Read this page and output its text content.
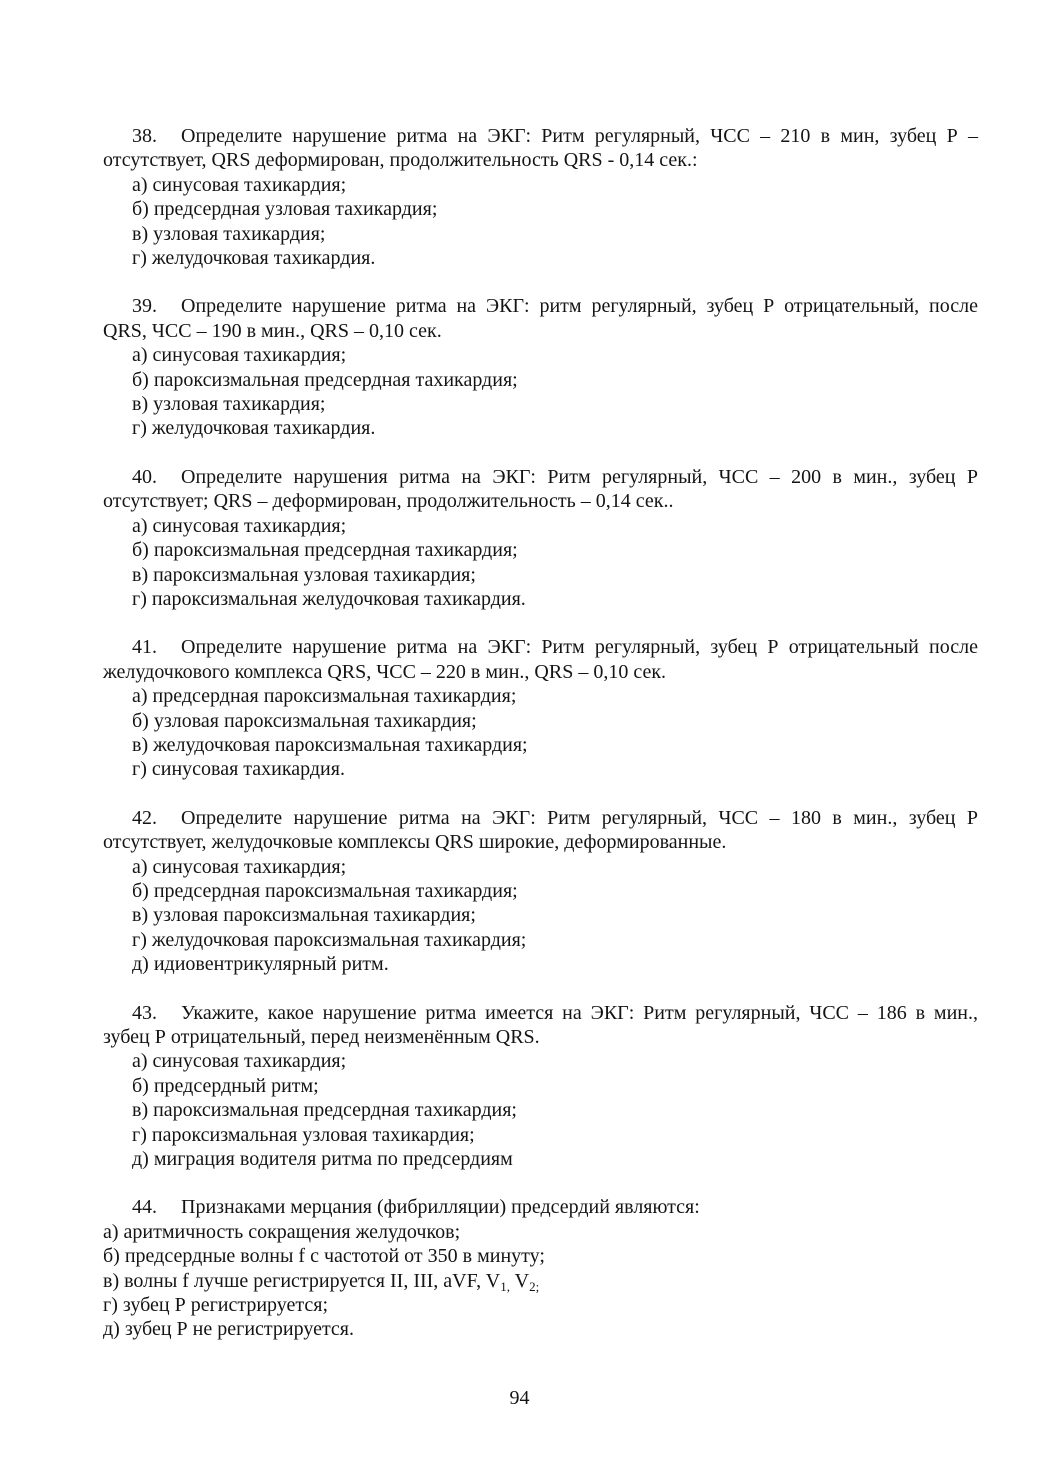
38. Определите нарушение ритма на ЭКГ: Ритм регулярный, ЧСС – 210 в мин, зубец Р – отсутствует, QRS деформирован, продолжительность QRS - 0,14 сек.:

а) синусовая тахикардия;

б) предсердная узловая тахикардия;

в) узловая тахикардия;

г) желудочковая тахикардия.

39. Определите нарушение ритма на ЭКГ: ритм регулярный, зубец Р отрицательный, после QRS, ЧСС – 190 в мин., QRS – 0,10 сек.

а) синусовая тахикардия;

б) пароксизмальная предсердная тахикардия;

в) узловая тахикардия;

г) желудочковая тахикардия.

40. Определите нарушения ритма на ЭКГ: Ритм регулярный, ЧСС – 200 в мин., зубец Р отсутствует; QRS – деформирован, продолжительность – 0,14 сек..

а) синусовая тахикардия;

б) пароксизмальная предсердная тахикардия;

в) пароксизмальная узловая тахикардия;

г) пароксизмальная желудочковая тахикардия.

41. Определите нарушение ритма на ЭКГ: Ритм регулярный, зубец Р отрицательный после желудочкового комплекса QRS, ЧСС – 220 в мин., QRS – 0,10 сек.

а) предсердная пароксизмальная тахикардия;

б) узловая пароксизмальная тахикардия;

в) желудочковая пароксизмальная тахикардия;

г) синусовая тахикардия.

42. Определите нарушение ритма на ЭКГ: Ритм регулярный, ЧСС – 180 в мин., зубец Р отсутствует, желудочковые комплексы QRS широкие, деформированные.

а) синусовая тахикардия;

б) предсердная пароксизмальная тахикардия;

в) узловая пароксизмальная тахикардия;

г) желудочковая пароксизмальная тахикардия;

д) идиовентрикулярный ритм.

43. Укажите, какое нарушение ритма имеется на ЭКГ: Ритм регулярный, ЧСС – 186 в мин., зубец Р отрицательный, перед неизменённым QRS.

а) синусовая тахикардия;

б) предсердный ритм;

в) пароксизмальная предсердная тахикардия;

г) пароксизмальная узловая тахикардия;

д) миграция водителя ритма по предсердиям

44. Признаками мерцания (фибрилляции) предсердий являются:

а) аритмичность сокращения желудочков;

б) предсердные волны f с частотой от 350 в минуту;

в) волны f лучше регистрируется II, III, aVF, $V_{1,}$ $V_{2;}$

г) зубец Р регистрируется;

д) зубец Р не регистрируется.

94
